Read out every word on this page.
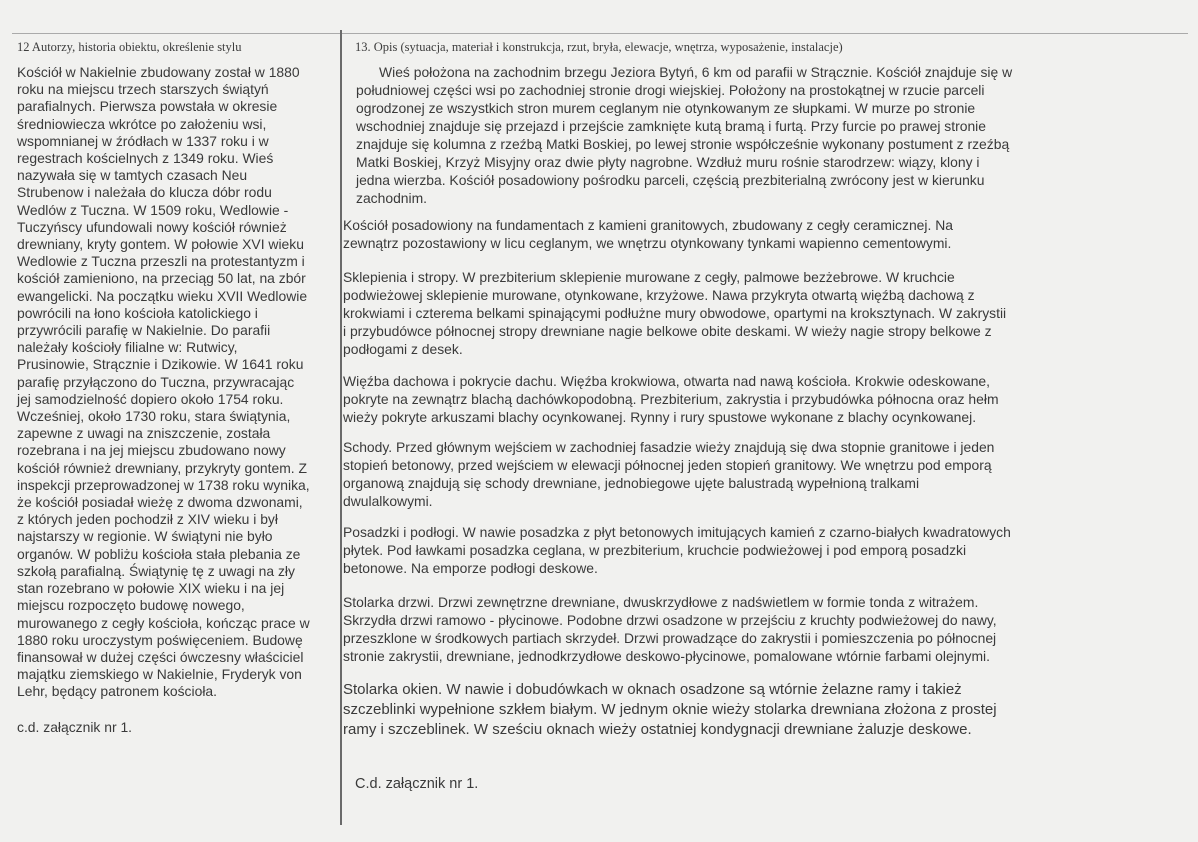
12 Autorzy, historia obiektu, określenie stylu	13. Opis (sytuacja, materiał i konstrukcja, rzut, bryła, elewacje, wnętrza, wyposażenie, instalacje)
Kościół w Nakielnie zbudowany został w 1880
roku na miejscu trzech starszych świątyń
parafialnych. Pierwsza powstała w okresie
średniowiecza wkrótce po założeniu wsi,
wspomnianej w źródłach w 1337 roku i w
regestrach kościelnych z 1349 roku. Wieś
nazywała się w tamtych czasach Neu
Strubenow i należała do klucza dóbr rodu
Wedlów z Tuczna. W 1509 roku, Wedlowie -
Tuczyńscy ufundowali nowy kościół również
drewniany, kryty gontem. W połowie XVI wieku
Wedlowie z Tuczna przeszli na protestantyzm i
kościół zamieniono, na przeciąg 50 lat, na zbór
ewangelicki. Na początku wieku XVII Wedlowie
powrócili na łono kościoła katolickiego i
przywrócili parafię w Nakielnie. Do parafii
należały kościoły filialne w: Rutwicy,
Prusinowie, Strącznie i Dzikowie. W 1641 roku
parafię przyłączono do Tuczna, przywracając
jej samodzielność dopiero około 1754 roku.
Wcześniej, około 1730 roku, stara świątynia,
zapewne z uwagi na zniszczenie, została
rozebrana i na jej miejscu zbudowano nowy
kościół również drewniany, przykryty gontem. Z
inspekcji przeprowadzonej w 1738 roku wynika,
że kościół posiadał wieżę z dwoma dzwonami,
z których jeden pochodził z XIV wieku i był
najstarszy w regionie. W świątyni nie było
organów. W pobliżu kościoła stała plebania ze
szkołą parafialną. Świątynię tę z uwagi na zły
stan rozebrano w połowie XIX wieku i na jej
miejscu rozpoczęto budowę nowego,
murowanego z cegły kościoła, kończąc prace w
1880 roku uroczystym poświęceniem. Budowę
finansował w dużej części ówczesny właściciel
majątku ziemskiego w Nakielnie, Fryderyk von
Lehr, będący patronem kościoła.
c.d. załącznik nr 1.
Wieś położona na zachodnim brzegu Jeziora Bytyń, 6 km od parafii w Strącznie. Kościół znajduje się w
południowej części wsi po zachodniej stronie drogi wiejskiej. Położony na prostokątnej w rzucie parceli
ogrodzonej ze wszystkich stron murem ceglanym nie otynkowanym ze słupkami. W murze po stronie
wschodniej znajduje się przejazd i przejście zamknięte kutą bramą i furtą. Przy furcie po prawej stronie
znajduje się kolumna z rzeźbą Matki Boskiej, po lewej stronie współcześnie wykonany postument z rzeźbą
Matki Boskiej, Krzyż Misyjny oraz dwie płyty nagrobne. Wzdłuż muru rośnie starodrzew: wiązy, klony i
jedna wierzba. Kościół posadowiony pośrodku parceli, częścią prezbiterialną zwrócony jest w kierunku
zachodnim.
Kościół posadowiony na fundamentach z kamieni granitowych, zbudowany z cegły ceramicznej. Na
zewnątrz pozostawiony w licu ceglanym, we wnętrzu otynkowany tynkami wapienno cementowymi.
Sklepienia i stropy. W prezbiterium sklepienie murowane z cegły, palmowe bezżebrowe. W kruchcie
podwieżowej sklepienie murowane, otynkowane, krzyżowe. Nawa przykryta otwartą więźbą dachową z
krokwiami i czterema belkami spinającymi podłużne mury obwodowe, opartymi na kroksztynach. W zakrystii
i przybudówce północnej stropy drewniane nagie belkowe obite deskami. W wieży nagie stropy belkowe z
podłogami z desek.
Więźba dachowa i pokrycie dachu. Więźba krokwiowa, otwarta nad nawą kościoła. Krokwie odeskowane,
pokryte na zewnątrz blachą dachówkopodobną. Prezbiterium, zakrystia i przybudówka północna oraz hełm
wieży pokryte arkuszami blachy ocynkowanej. Rynny i rury spustowe wykonane z blachy ocynkowanej.
Schody. Przed głównym wejściem w zachodniej fasadzie wieży znajdują się dwa stopnie granitowe i jeden
stopień betonowy, przed wejściem w elewacji północnej jeden stopień granitowy. We wnętrzu pod emporą
organową znajdują się schody drewniane, jednobiegowe ujęte balustradą wypełnioną tralkami
dwulalkowymi.
Posadzki i podłogi. W nawie posadzka z płyt betonowych imitujących kamień z czarno-białych kwadratowych
płytek. Pod ławkami posadzka ceglana, w prezbiterium, kruchcie podwieżowej i pod emporą posadzki
betonowe. Na emporze podłogi deskowe.
Stolarka drzwi. Drzwi zewnętrzne drewniane, dwuskrzydłowe z nadświetlem w formie tonda z witrażem.
Skrzydła drzwi ramowo - płycinowe. Podobne drzwi osadzone w przejściu z kruchty podwieżowej do nawy,
przeszklone w środkowych partiach skrzydeł. Drzwi prowadzące do zakrystii i pomieszczenia po północnej
stronie zakrystii, drewniane, jednodkrzydłowe deskowo-płycinowe, pomalowane wtórnie farbami olejnymi.
Stolarka okien. W nawie i dobudówkach w oknach osadzone są wtórnie żelazne ramy i takież
szczeblinki wypełnione szkłem białym. W jednym oknie wieży stolarka drewniana złożona z prostej
ramy i szczeblinek. W sześciu oknach wieży ostatniej kondygnacji drewniane żaluzje deskowe.
C.d. załącznik nr 1.
